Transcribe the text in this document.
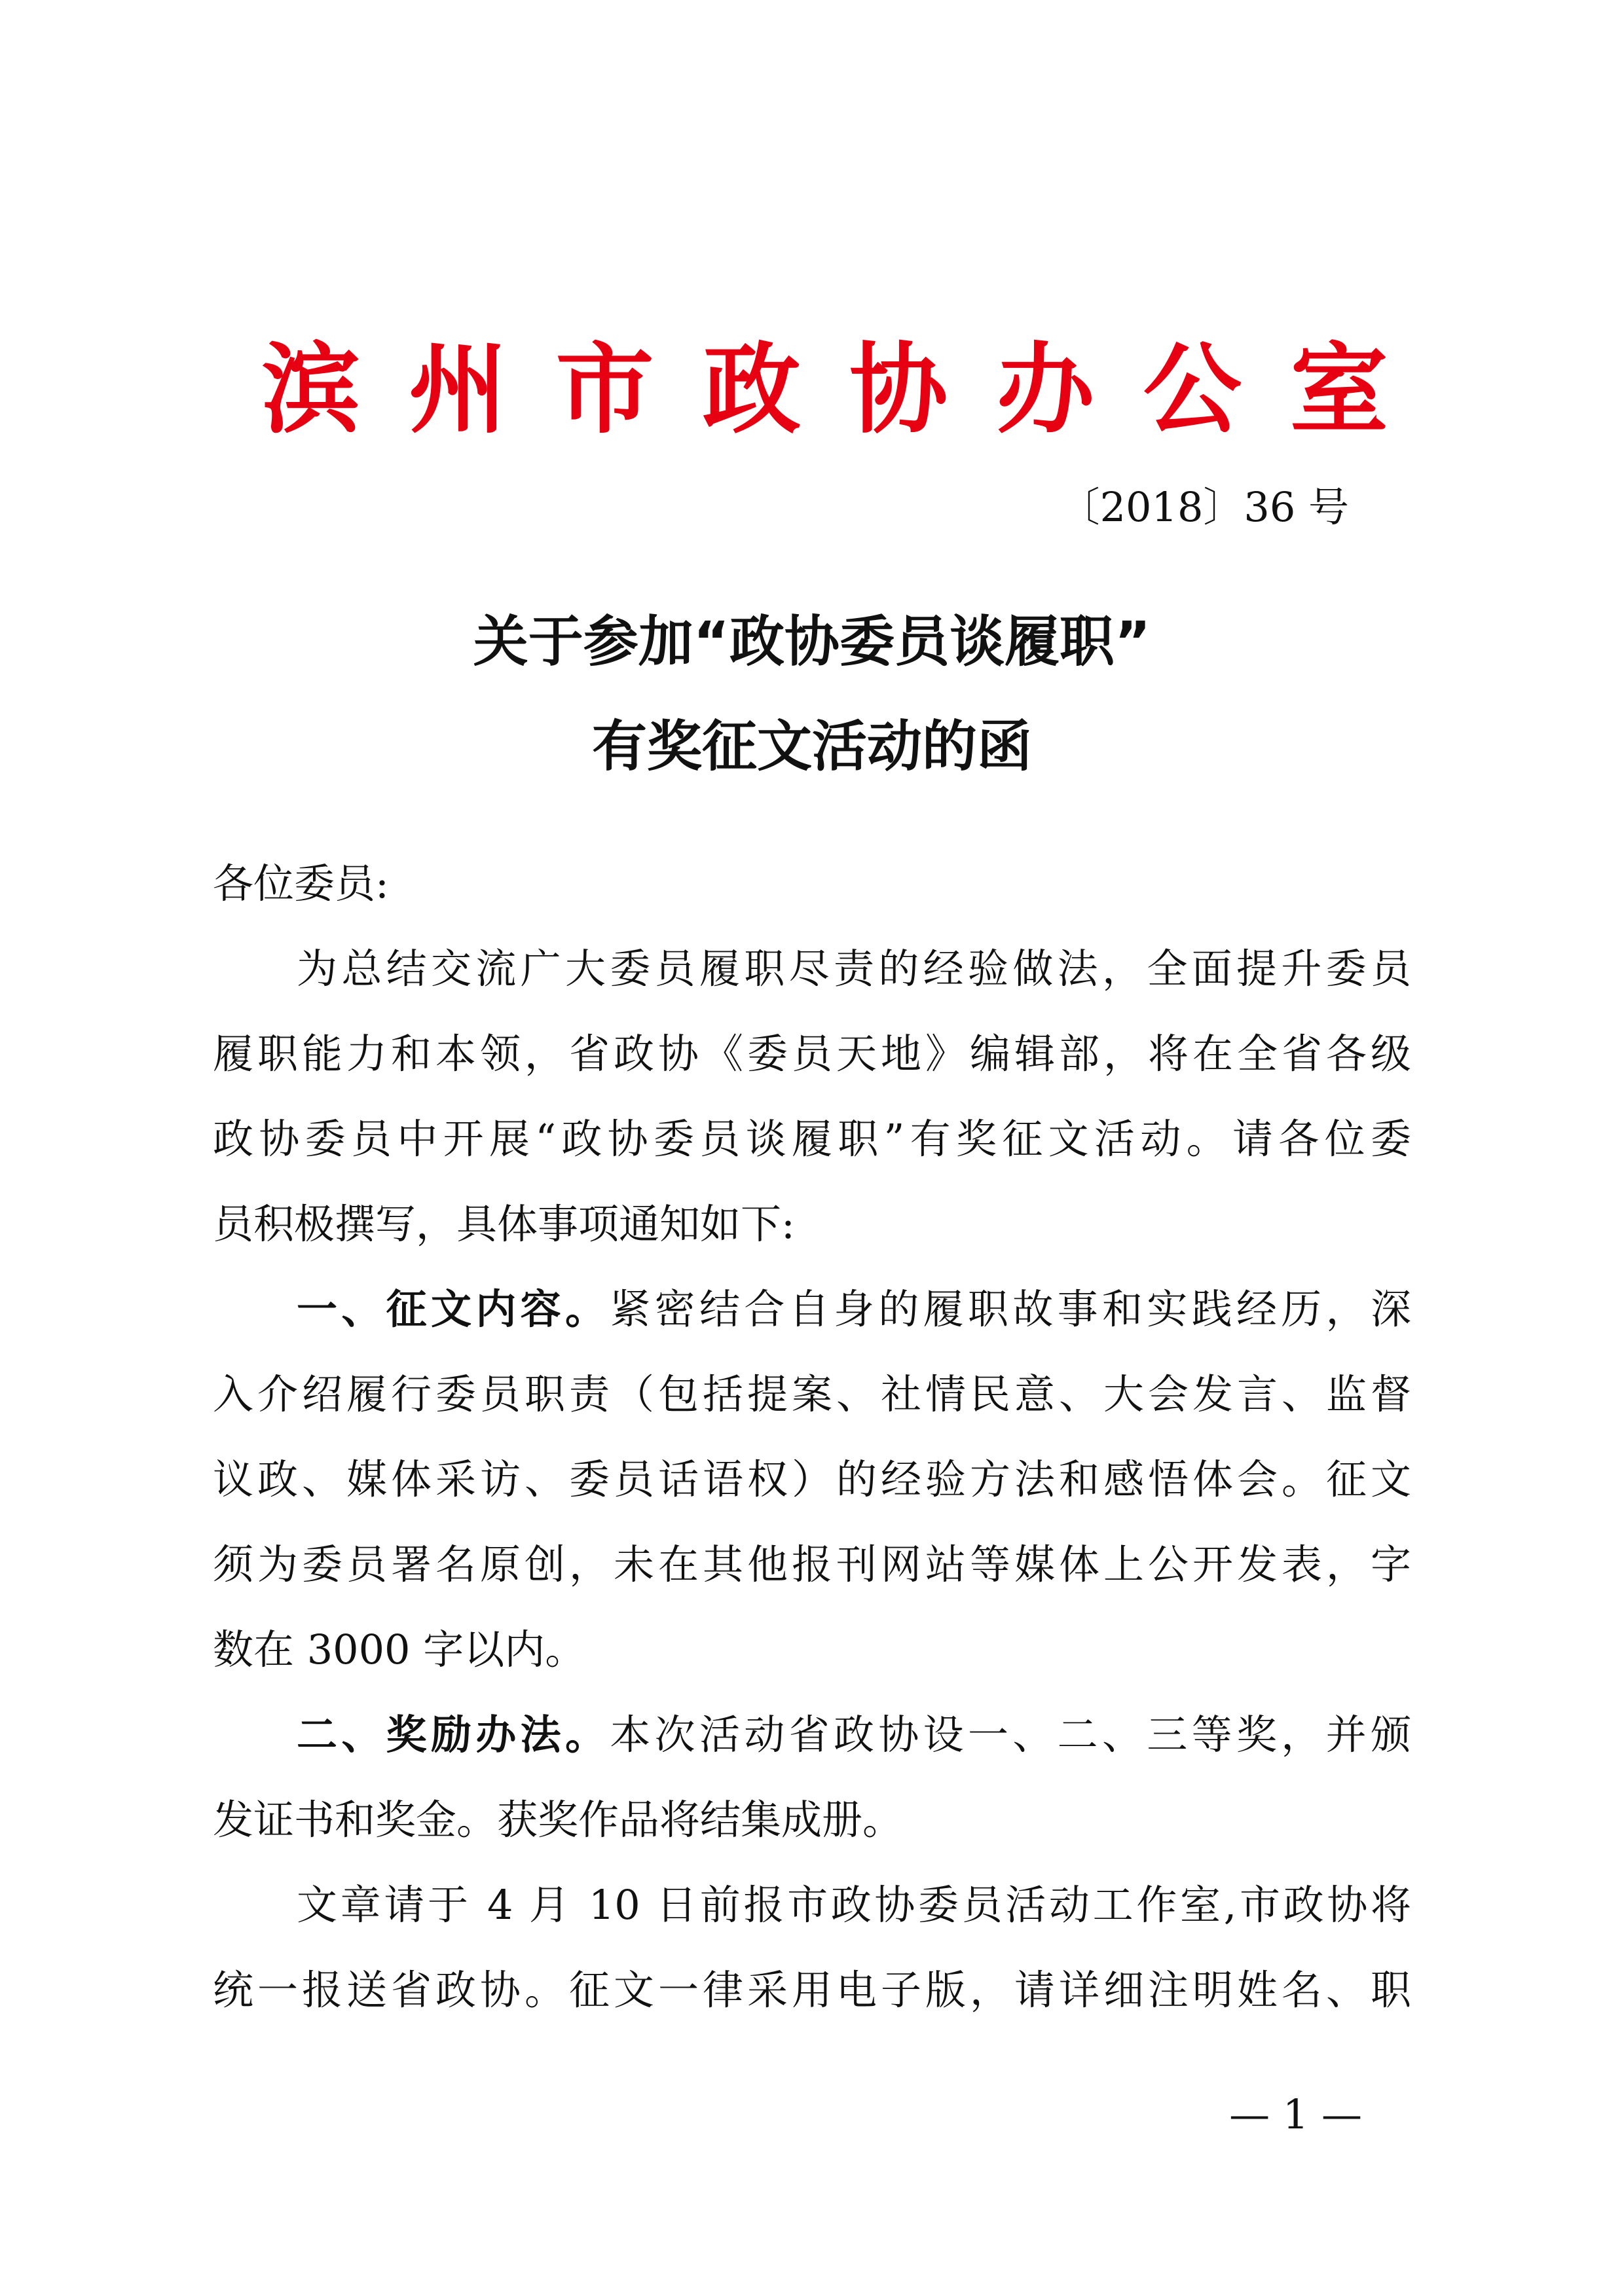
滨 州 市 政 协 办 公 室
〔2018〕36 号
关于参加“政协委员谈履职”
有奖征文活动的函
各位委员:
为总结交流广大委员履职尽责的经验做法，全面提升委员
履职能力和本领，省政协《委员天地》编辑部，将在全省各级
政协委员中开展“政协委员谈履职”有奖征文活动。请各位委
员积极撰写，具体事项通知如下:
一、征文内容。紧密结合自身的履职故事和实践经历，深
入介绍履行委员职责（包括提案、社情民意、大会发言、监督
议政、媒体采访、委员话语权）的经验方法和感悟体会。征文
须为委员署名原创，未在其他报刊网站等媒体上公开发表，字
数在 3000 字以内。
二、奖励办法。本次活动省政协设一、二、三等奖，并颁
发证书和奖金。获奖作品将结集成册。
文章请于 4 月 10 日前报市政协委员活动工作室,市政协将
统一报送省政协。征文一律采用电子版，请详细注明姓名、职
— 1 —
